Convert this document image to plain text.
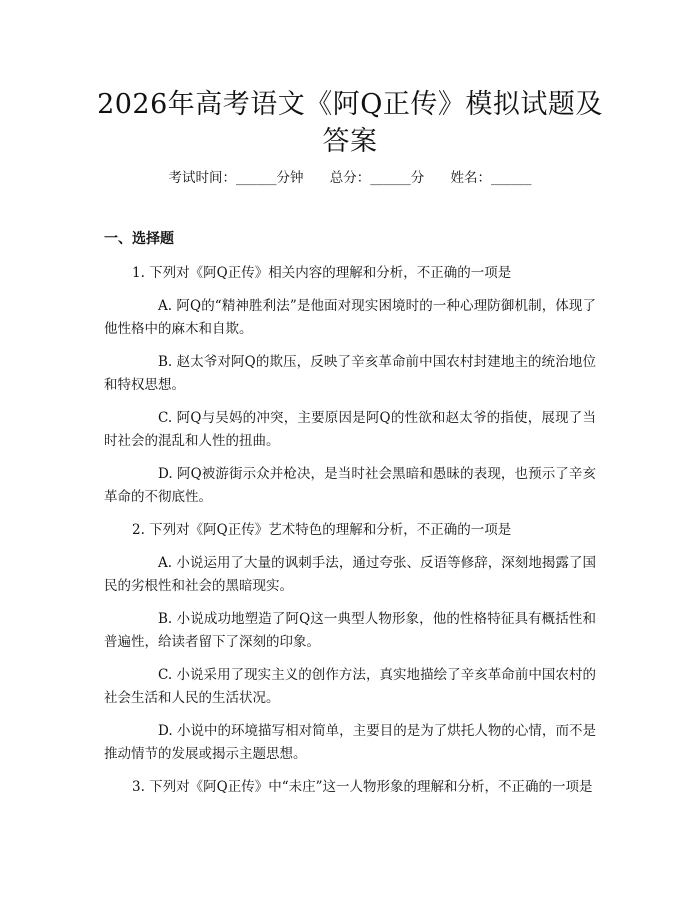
2026年高考语文《阿Q正传》模拟试题及答案
考试时间：______分钟 总分：______分 姓名：______
一、选择题

1. 下列对《阿Q正传》相关内容的理解和分析，不正确的一项是

A. 阿Q的“精神胜利法”是他面对现实困境时的一种心理防御机制，体现了他性格中的麻木和自欺。

B. 赵太爷对阿Q的欺压，反映了辛亥革命前中国农村封建地主的统治地位和特权思想。

C. 阿Q与吴妈的冲突，主要原因是阿Q的性欲和赵太爷的指使，展现了当时社会的混乱和人性的扭曲。

D. 阿Q被游街示众并枪决，是当时社会黑暗和愚昧的表现，也预示了辛亥革命的不彻底性。

2. 下列对《阿Q正传》艺术特色的理解和分析，不正确的一项是

A. 小说运用了大量的讽刺手法，通过夸张、反语等修辞，深刻地揭露了国民的劣根性和社会的黑暗现实。

B. 小说成功地塑造了阿Q这一典型人物形象，他的性格特征具有概括性和普遍性，给读者留下了深刻的印象。

C. 小说采用了现实主义的创作方法，真实地描绘了辛亥革命前中国农村的社会生活和人民的生活状况。

D. 小说中的环境描写相对简单，主要目的是为了烘托人物的心情，而不是推动情节的发展或揭示主题思想。

3. 下列对《阿Q正传》中“未庄”这一人物形象的理解和分析，不正确的一项是
